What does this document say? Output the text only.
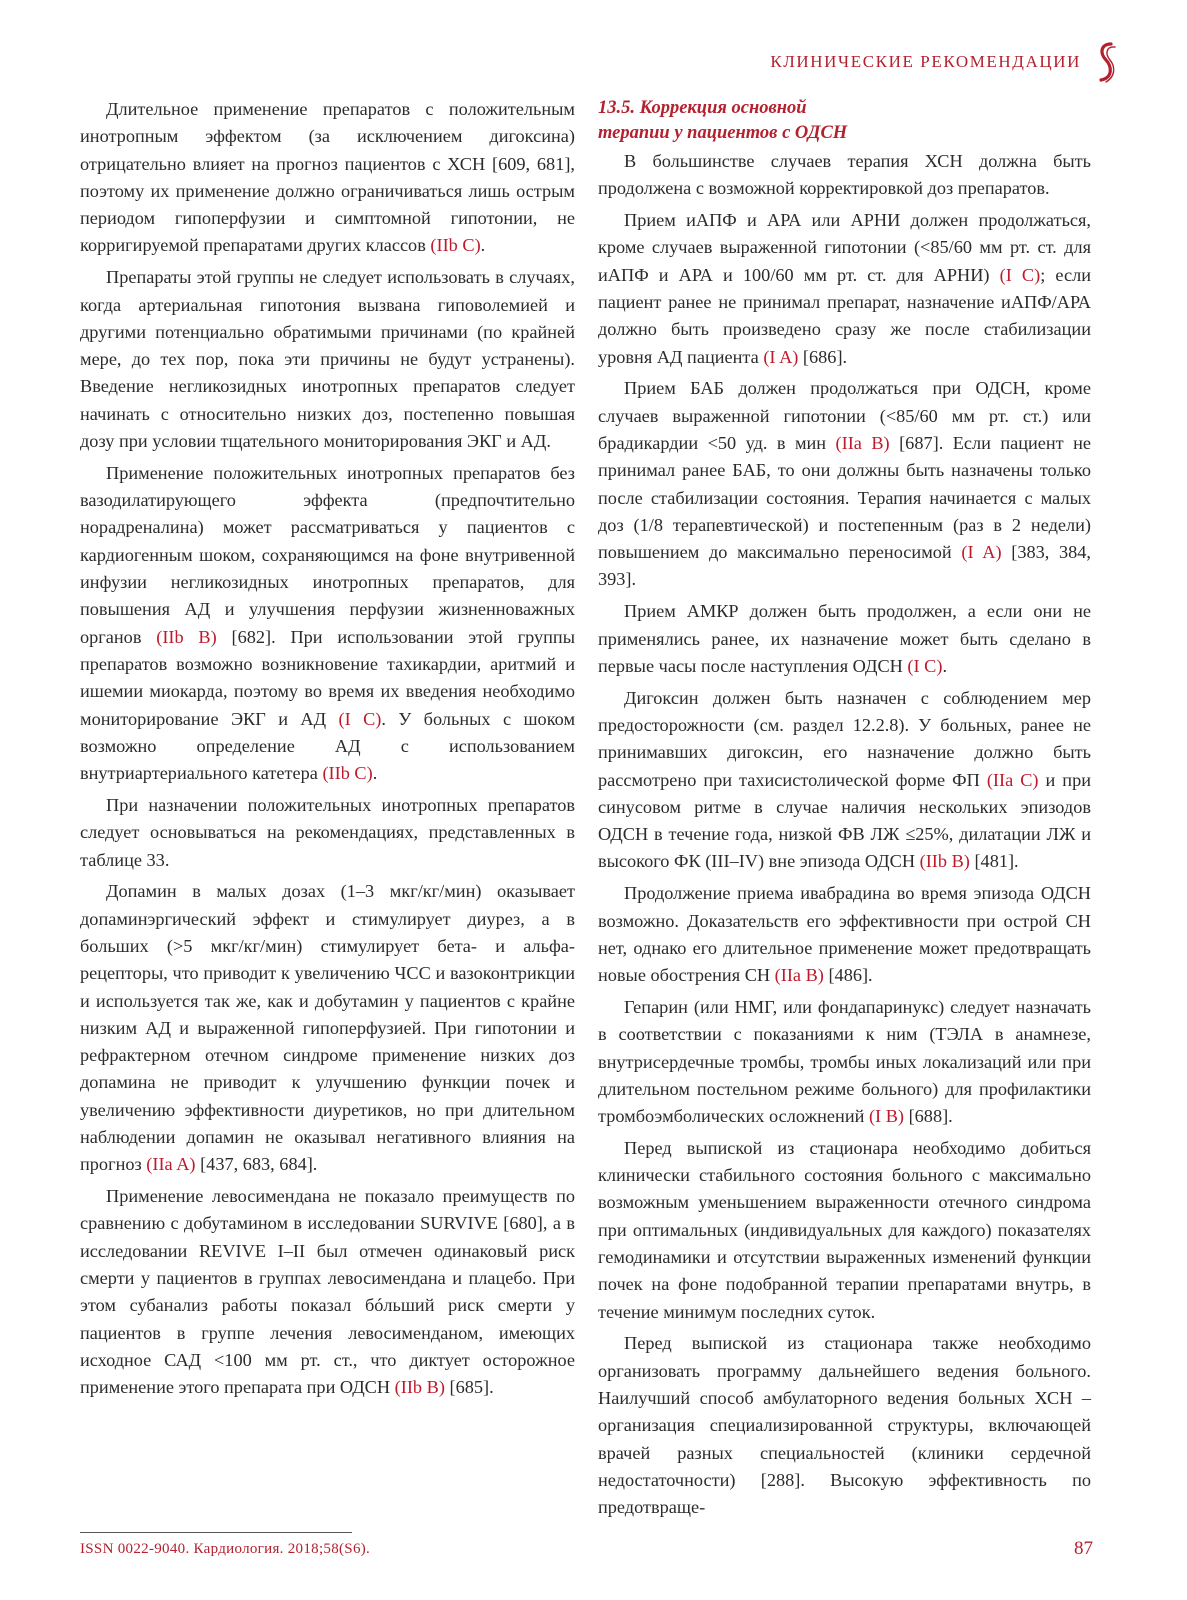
КЛИНИЧЕСКИЕ РЕКОМЕНДАЦИИ

Длительное применение препаратов с положительным инотропным эффектом (за исключением дигоксина) отрицательно влияет на прогноз пациентов с ХСН [609, 681], поэтому их применение должно ограничиваться лишь острым периодом гипоперфузии и симптомной гипотонии, не корригируемой препаратами других классов (IIb C).

Препараты этой группы не следует использовать в случаях, когда артериальная гипотония вызвана гиповолемией и другими потенциально обратимыми причинами (по крайней мере, до тех пор, пока эти причины не будут устранены). Введение негликозидных инотропных препаратов следует начинать с относительно низких доз, постепенно повышая дозу при условии тщательного мониторирования ЭКГ и АД.

Применение положительных инотропных препаратов без вазодилатирующего эффекта (предпочтительно норадреналина) может рассматриваться у пациентов с кардиогенным шоком, сохраняющимся на фоне внутривенной инфузии негликозидных инотропных препаратов, для повышения АД и улучшения перфузии жизненноважных органов (IIb B) [682]. При использовании этой группы препаратов возможно возникновение тахикардии, аритмий и ишемии миокарда, поэтому во время их введения необходимо мониторирование ЭКГ и АД (I C). У больных с шоком возможно определение АД с использованием внутриартериального катетера (IIb C).

При назначении положительных инотропных препаратов следует основываться на рекомендациях, представленных в таблице 33.

Допамин в малых дозах (1–3 мкг/кг/мин) оказывает допаминэргический эффект и стимулирует диурез, а в больших (>5 мкг/кг/мин) стимулирует бета- и альфа-рецепторы, что приводит к увеличению ЧСС и вазоконтрикции и используется так же, как и добутамин у пациентов с крайне низким АД и выраженной гипоперфузией. При гипотонии и рефрактерном отечном синдроме применение низких доз допамина не приводит к улучшению функции почек и увеличению эффективности диуретиков, но при длительном наблюдении допамин не оказывал негативного влияния на прогноз (IIa A) [437, 683, 684].

Применение левосимендана не показало преимуществ по сравнению с добутамином в исследовании SURVIVE [680], а в исследовании REVIVE I–II был отмечен одинаковый риск смерти у пациентов в группах левосимендана и плацебо. При этом субанализ работы показал бóльший риск смерти у пациентов в группе лечения левосименданом, имеющих исходное САД <100 мм рт. ст., что диктует осторожное применение этого препарата при ОДСН (IIb B) [685].

13.5. Коррекция основной
терапии у пациентов с ОДСН

В большинстве случаев терапия ХСН должна быть продолжена с возможной корректировкой доз препаратов.

Прием иАПФ и АРА или АРНИ должен продолжаться, кроме случаев выраженной гипотонии (<85/60 мм рт. ст. для иАПФ и АРА и 100/60 мм рт. ст. для АРНИ) (I C); если пациент ранее не принимал препарат, назначение иАПФ/АРА должно быть произведено сразу же после стабилизации уровня АД пациента (I A) [686].

Прием БАБ должен продолжаться при ОДСН, кроме случаев выраженной гипотонии (<85/60 мм рт. ст.) или брадикардии <50 уд. в мин (IIa B) [687]. Если пациент не принимал ранее БАБ, то они должны быть назначены только после стабилизации состояния. Терапия начинается с малых доз (1/8 терапевтической) и постепенным (раз в 2 недели) повышением до максимально переносимой (I A) [383, 384, 393].

Прием АМКР должен быть продолжен, а если они не применялись ранее, их назначение может быть сделано в первые часы после наступления ОДСН (I C).

Дигоксин должен быть назначен с соблюдением мер предосторожности (см. раздел 12.2.8). У больных, ранее не принимавших дигоксин, его назначение должно быть рассмотрено при тахисистолической форме ФП (IIa C) и при синусовом ритме в случае наличия нескольких эпизодов ОДСН в течение года, низкой ФВ ЛЖ ≤25%, дилатации ЛЖ и высокого ФК (III–IV) вне эпизода ОДСН (IIb B) [481].

Продолжение приема ивабрадина во время эпизода ОДСН возможно. Доказательств его эффективности при острой СН нет, однако его длительное применение может предотвращать новые обострения СН (IIa B) [486].

Гепарин (или НМГ, или фондапаринукс) следует назначать в соответствии с показаниями к ним (ТЭЛА в анамнезе, внутрисердечные тромбы, тромбы иных локализаций или при длительном постельном режиме больного) для профилактики тромбоэмболических осложнений (I B) [688].

Перед выпиской из стационара необходимо добиться клинически стабильного состояния больного с максимально возможным уменьшением выраженности отечного синдрома при оптимальных (индивидуальных для каждого) показателях гемодинамики и отсутствии выраженных изменений функции почек на фоне подобранной терапии препаратами внутрь, в течение минимум последних суток.

Перед выпиской из стационара также необходимо организовать программу дальнейшего ведения больного. Наилучший способ амбулаторного ведения больных ХСН – организация специализированной структуры, включающей врачей разных специальностей (клиники сердечной недостаточности) [288]. Высокую эффективность по предотвраще-

ISSN 0022-9040. Кардиология. 2018;58(S6).	87
